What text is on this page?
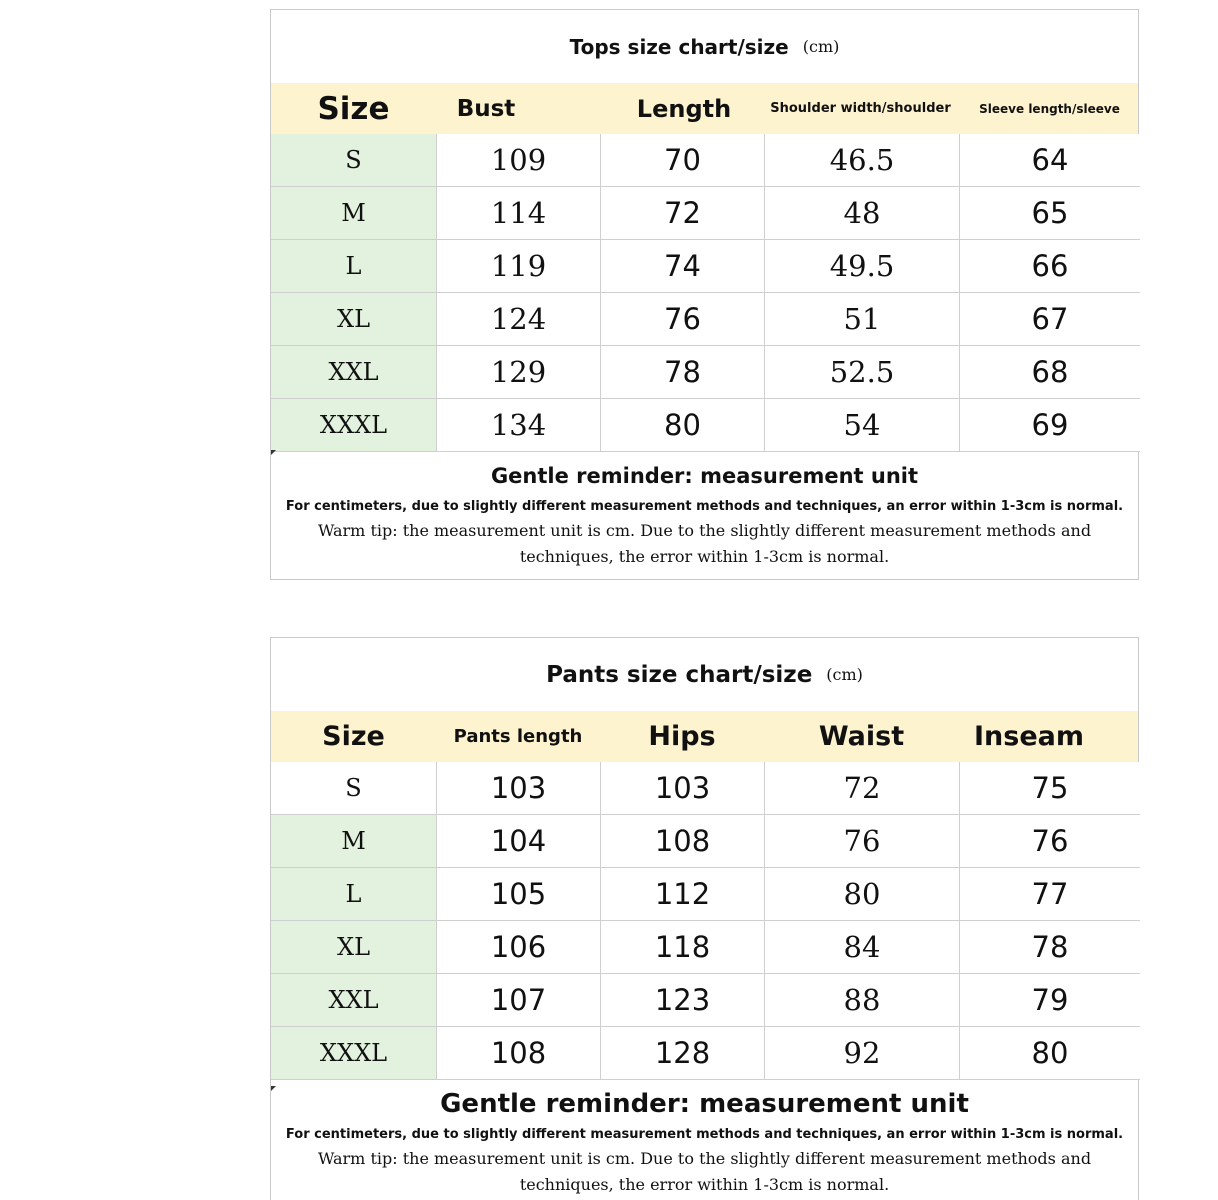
Tops size chart/size (cm)
Size	Bust	Length	Shoulder width/shoulder	Sleeve length/sleeve
S	109	70	46.5	64
M	114	72	48	65
L	119	74	49.5	66
XL	124	76	51	67
XXL	129	78	52.5	68
XXXL	134	80	54	69
Gentle reminder: measurement unit
For centimeters, due to slightly different measurement methods and techniques, an error within 1-3cm is normal.
Warm tip: the measurement unit is cm. Due to the slightly different measurement methods and techniques, the error within 1-3cm is normal.
Pants size chart/size (cm)
Size	Pants length	Hips	Waist	Inseam
S	103	103	72	75
M	104	108	76	76
L	105	112	80	77
XL	106	118	84	78
XXL	107	123	88	79
XXXL	108	128	92	80
Gentle reminder: measurement unit
For centimeters, due to slightly different measurement methods and techniques, an error within 1-3cm is normal.
Warm tip: the measurement unit is cm. Due to the slightly different measurement methods and techniques, the error within 1-3cm is normal.
